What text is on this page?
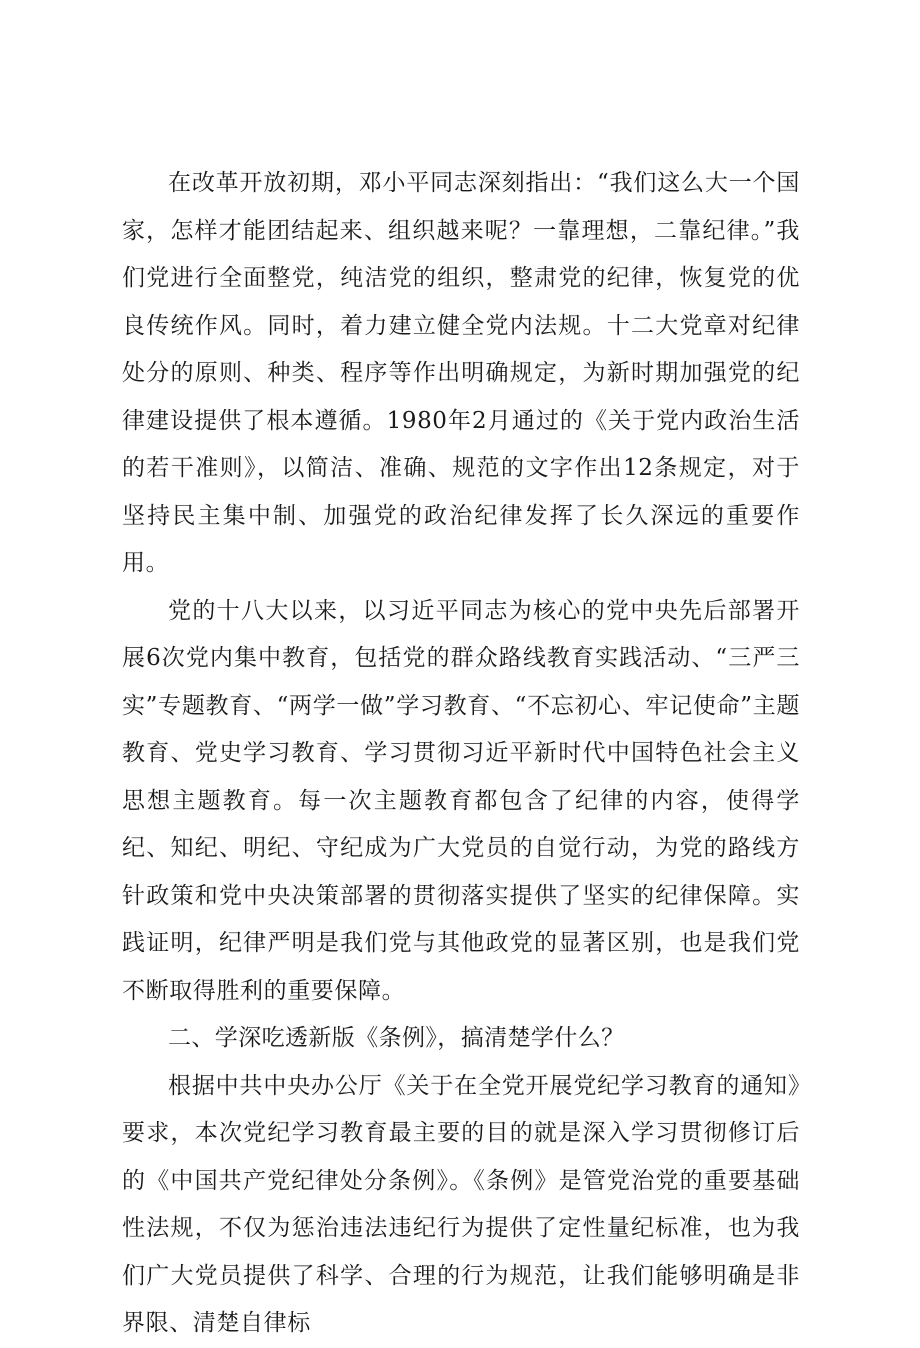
在改革开放初期，邓小平同志深刻指出：“我们这么大一个国家，怎样才能团结起来、组织越来呢？一靠理想，二靠纪律。”我们党进行全面整党，纯洁党的组织，整肃党的纪律，恢复党的优良传统作风。同时，着力建立健全党内法规。十二大党章对纪律处分的原则、种类、程序等作出明确规定，为新时期加强党的纪律建设提供了根本遵循。1980年2月通过的《关于党内政治生活的若干准则》，以简洁、准确、规范的文字作出12条规定，对于坚持民主集中制、加强党的政治纪律发挥了长久深远的重要作用。

党的十八大以来，以习近平同志为核心的党中央先后部署开展6次党内集中教育，包括党的群众路线教育实践活动、“三严三实”专题教育、“两学一做”学习教育、“不忘初心、牢记使命”主题教育、党史学习教育、学习贯彻习近平新时代中国特色社会主义思想主题教育。每一次主题教育都包含了纪律的内容，使得学纪、知纪、明纪、守纪成为广大党员的自觉行动，为党的路线方针政策和党中央决策部署的贯彻落实提供了坚实的纪律保障。实践证明，纪律严明是我们党与其他政党的显著区别，也是我们党不断取得胜利的重要保障。

二、学深吃透新版《条例》，搞清楚学什么？

根据中共中央办公厅《关于在全党开展党纪学习教育的通知》要求，本次党纪学习教育最主要的目的就是深入学习贯彻修订后的《中国共产党纪律处分条例》。《条例》是管党治党的重要基础性法规，不仅为惩治违法违纪行为提供了定性量纪标准，也为我们广大党员提供了科学、合理的行为规范，让我们能够明确是非界限、清楚自律标
